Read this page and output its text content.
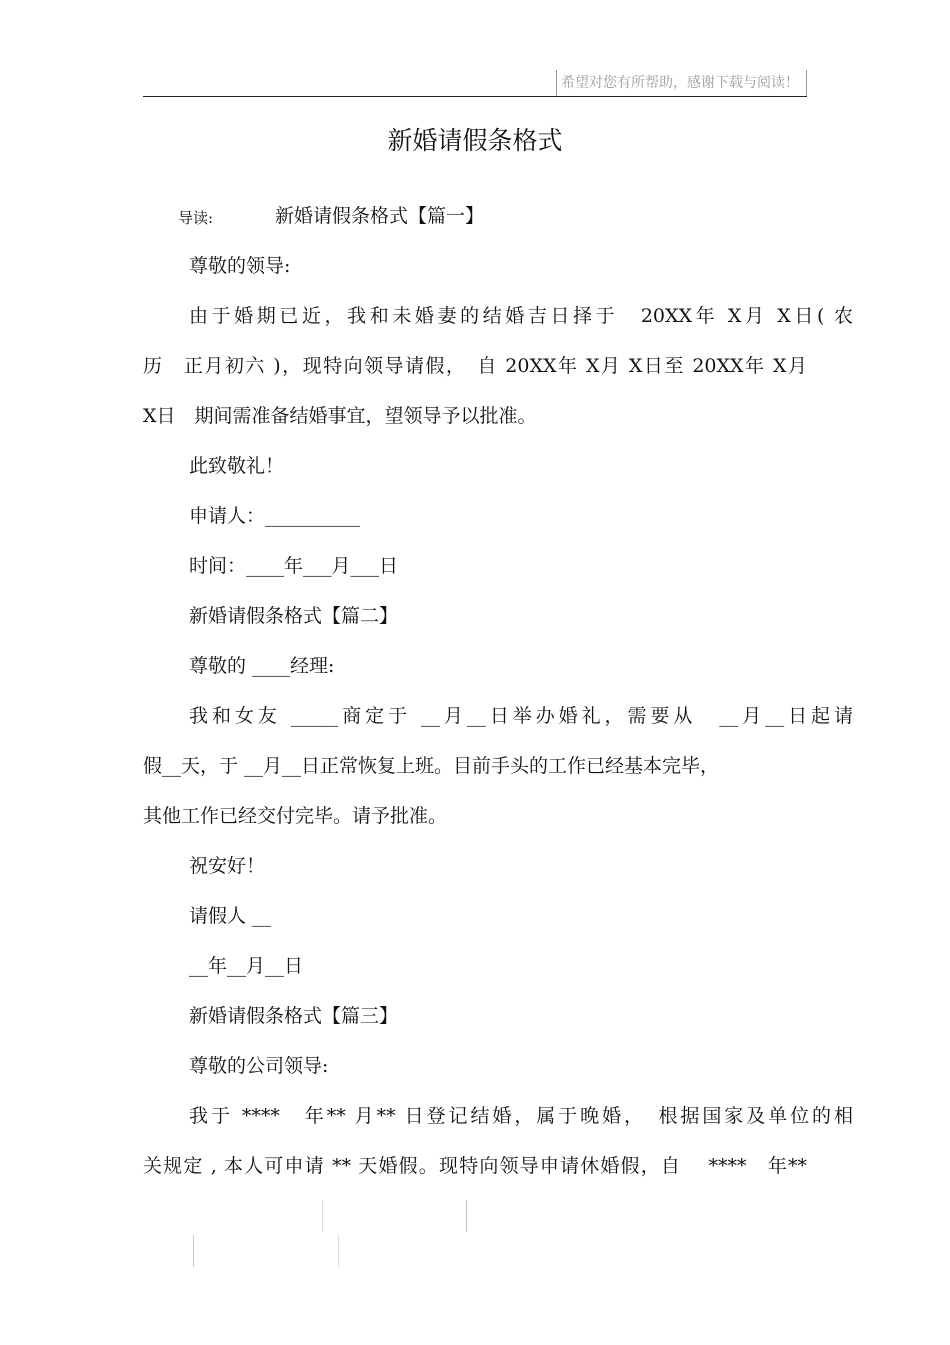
希望对您有所帮助，感谢下载与阅读！
新婚请假条格式
导读:	新婚请假条格式【篇一】
尊敬的领导:
由于婚期已近，我和未婚妻的结婚吉日择于　20XX年 X月 X日( 农
历　正月初六 )，现特向领导请假，　自 20XX年 X月 X日至 20XX年 X月
X日　期间需准备结婚事宜，望领导予以批准。
此致敬礼！
申请人：__________
时间：____年___月___日
新婚请假条格式【篇二】
尊敬的 ____经理:
我和女友 _____商定于 __月__日举办婚礼，需要从　__月__日起请
假__天，于 __月__日正常恢复上班。目前手头的工作已经基本完毕，
其他工作已经交付完毕。请予批准。
祝安好！
请假人 __
__年__月__日
新婚请假条格式【篇三】
尊敬的公司领导:
我于 ****　年** 月** 日登记结婚，属于晚婚，　根据国家及单位的相
关规定 , 本人可申请 ** 天婚假。现特向领导申请休婚假，自　 ****　年**
